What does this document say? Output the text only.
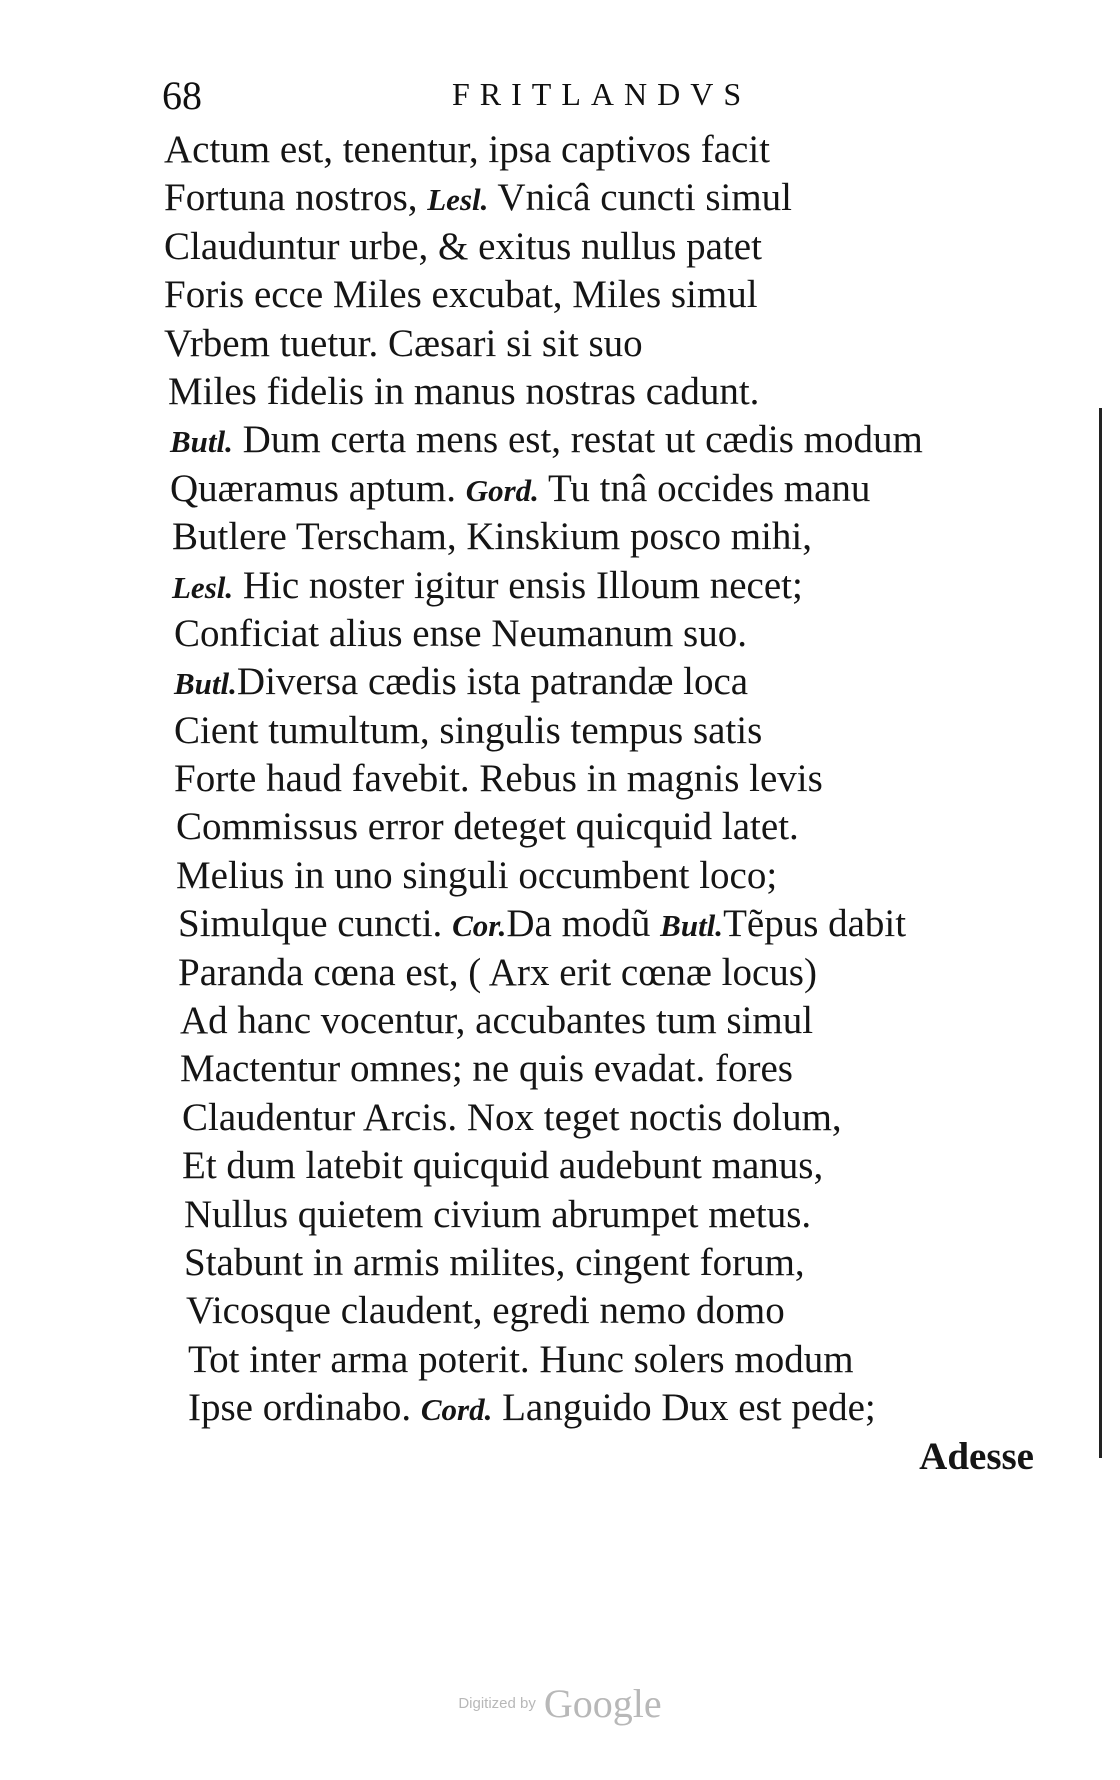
68	FRITLANDVS
Actum est, tenentur, ipsa captivos facit
Fortuna nostros, Lesl. Vnicâ cuncti simul
Clauduntur urbe, & exitus nullus patet
Foris ecce Miles excubat, Miles simul
Vrbem tuetur. Cæsari si sit suo
Miles fidelis in manus nostras cadunt.
Butl. Dum certa mens est, restat ut cædis modum
Quæramus aptum. Gord. Tu tnâ occides manu
Butlere Terscham, Kinskium posco mihi,
Lesl. Hic noster igitur ensis Illoum necet;
Conficiat alius ense Neumanum suo.
Butl.Diversa cædis ista patrandæ loca
Cient tumultum, singulis tempus satis
Forte haud favebit. Rebus in magnis levis
Commissus error deteget quicquid latet.
Melius in uno singuli occumbent loco;
Simulque cuncti. Cor.Da modũ Butl.Tẽpus dabit
Paranda cœna est, ( Arx erit cœnæ locus)
Ad hanc vocentur, accubantes tum simul
Mactentur omnes; ne quis evadat. fores
Claudentur Arcis. Nox teget noctis dolum,
Et dum latebit quicquid audebunt manus,
Nullus quietem civium abrumpet metus.
Stabunt in armis milites, cingent forum,
Vicosque claudent, egredi nemo domo
Tot inter arma poterit. Hunc solers modum
Ipse ordinabo. Cord. Languido Dux est pede;
Adesse
Digitized by Google
